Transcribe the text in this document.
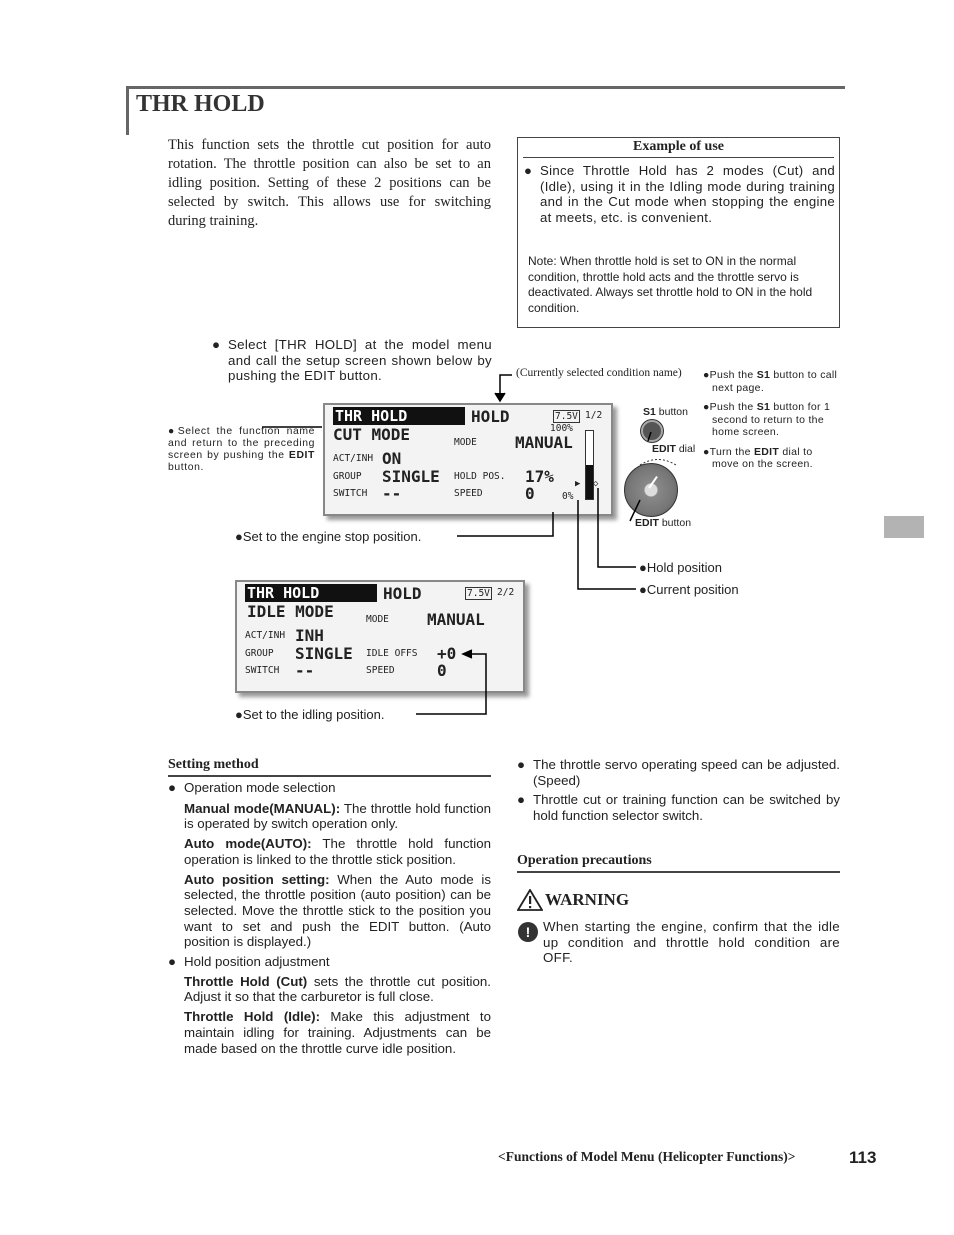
THR HOLD
This function sets the throttle cut position for auto rotation. The throttle position can also be set to an idling position. Setting of these 2 positions can be selected by switch. This allows use for switching during training.
Example of use
● Since Throttle Hold has 2 modes (Cut) and (Idle), using it in the Idling mode during training and in the Cut mode when stopping the engine at meets, etc. is convenient.
Note: When throttle hold is set to ON in the normal condition, throttle hold acts and the throttle servo is deactivated. Always set throttle hold to ON in the hold condition.
● Select [THR HOLD] at the model menu and call the setup screen shown below by pushing the EDIT button.	(Currently selected condition name)
●Select the function name and return to the preceding screen by pushing the EDIT button.
●Push the S1 button to call next page.
●Push the S1 button for 1 second to return to the home screen.
●Turn the EDIT dial to move on the screen.
THR HOLD	HOLD	7.5V 1/2
100%
CUT MODE	MODE MANUAL
ACT/INH ON
GROUP SINGLE HOLD POS. 17%
SWITCH --	SPEED	0	0%
▶ ◇
THR HOLD	HOLD	7.5V 2/2
IDLE MODE	MODE MANUAL
ACT/INH INH
GROUP SINGLE IDLE OFFS +0
SWITCH --	SPEED	0
S1 button
EDIT dial
EDIT button
●Set to the engine stop position.
●Hold position
●Current position
●Set to the idling position.
Setting method
● Operation mode selection
Manual mode(MANUAL): The throttle hold function is operated by switch operation only.
Auto mode(AUTO): The throttle hold function operation is linked to the throttle stick position.
Auto position setting: When the Auto mode is selected, the throttle position (auto position) can be selected. Move the throttle stick to the position you want to set and push the EDIT button. (Auto position is displayed.)
● Hold position adjustment
Throttle Hold (Cut) sets the throttle cut position. Adjust it so that the carburetor is full close.
Throttle Hold (Idle): Make this adjustment to maintain idling for training. Adjustments can be made based on the throttle curve idle position.
● The throttle servo operating speed can be adjusted. (Speed)
● Throttle cut or training function can be switched by hold function selector switch.
Operation precautions
WARNING
! When starting the engine, confirm that the idle up condition and throttle hold condition are OFF.
<Functions of Model Menu (Helicopter Functions)>	113
